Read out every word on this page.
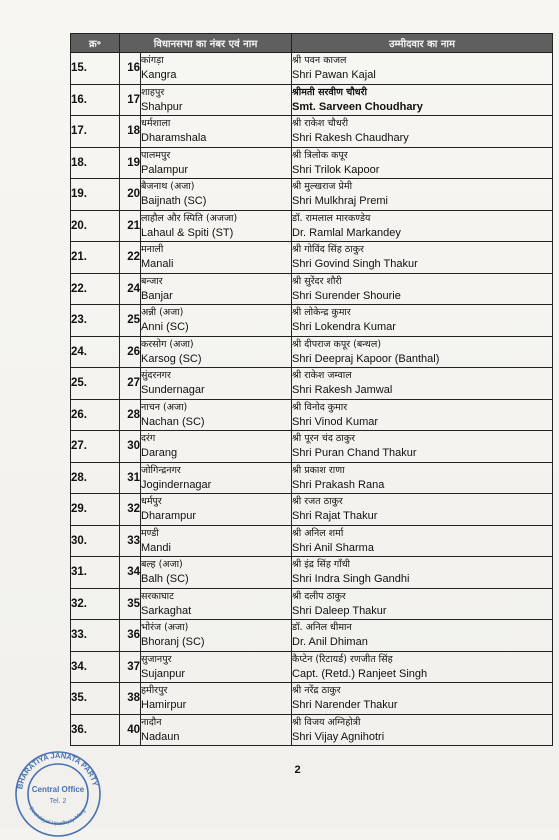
क्र॰	विधानसभा का नंबर एवं नाम		उम्मीदवार का नाम
15.	16	कांगड़ा
Kangra	श्री पवन काजल
Shri Pawan Kajal

16.	17	शाहपुर
Shahpur	श्रीमती सरवीण चौधरी
Smt. Sarveen Choudhary

17.	18	धर्मशाला
Dharamshala	श्री राकेश चौधरी
Shri Rakesh Chaudhary

18.	19	पालमपुर
Palampur	श्री त्रिलोक कपूर
Shri Trilok Kapoor

19.	20	बैजनाथ (अजा)
Baijnath (SC)	श्री मुल्खराज प्रेमी
Shri Mulkhraj Premi

20.	21	लाहौल और स्पिति (अजजा)
Lahaul & Spiti (ST)	डॉ. रामलाल मारकण्डेय
Dr. Ramlal Markandey

21.	22	मनाली
Manali	श्री गोविंद सिंह ठाकुर
Shri Govind Singh Thakur

22.	24	बन्जार
Banjar	श्री सुरेंदर शौरी
Shri Surender Shourie

23.	25	अन्नी (अजा)
Anni (SC)	श्री लोकेन्द्र कुमार
Shri Lokendra Kumar

24.	26	करसोग (अजा)
Karsog (SC)	श्री दीपराज कपूर (बन्थल)
Shri Deepraj Kapoor (Banthal)

25.	27	सुंदरनगर
Sundernagar	श्री राकेश जम्वाल
Shri Rakesh Jamwal

26.	28	नाचन (अजा)
Nachan (SC)	श्री विनोद कुमार
Shri Vinod Kumar

27.	30	दरंग
Darang	श्री पूरन चंद ठाकुर
Shri Puran Chand Thakur

28.	31	जोगिन्द्रनगर
Jogindernagar	श्री प्रकाश राणा
Shri Prakash Rana

29.	32	धर्मपुर
Dharampur	श्री रजत ठाकुर
Shri Rajat Thakur

30.	33	मण्डी
Mandi	श्री अनिल शर्मा
Shri Anil Sharma

31.	34	बल्ह (अजा)
Balh (SC)	श्री इंद्र सिंह गाँधी
Shri Indra Singh Gandhi

32.	35	सरकाघाट
Sarkaghat	श्री दलीप ठाकुर
Shri Daleep Thakur

33.	36	भोरंज (अजा)
Bhoranj (SC)	डॉ. अनिल धीमान
Dr. Anil Dhiman

34.	37	सुजानपुर
Sujanpur	कैप्टेन (रिटायर्ड) रणजीत सिंह
Capt. (Retd.) Ranjeet Singh

35.	38	हमीरपुर
Hamirpur	श्री नरेंद्र ठाकुर
Shri Narender Thakur

36.	40	नादौन
Nadaun	श्री विजय अग्निहोत्री
Shri Vijay Agnihotri
2
BHARATIYA JANATA PARTY
Deendayal Upadhyay Marg
Central Office
Tel. 2
